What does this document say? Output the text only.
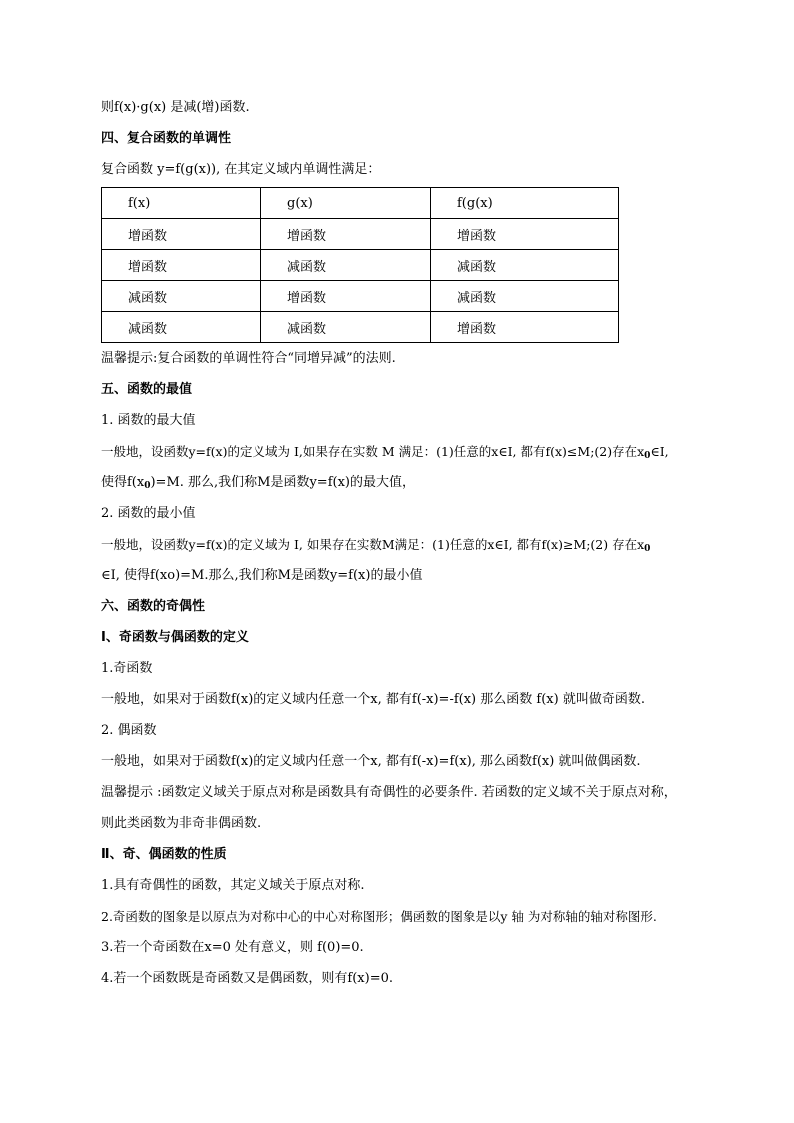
则f(x)·g(x) 是减(增)函数.
四、复合函数的单调性
复合函数 y=f(g(x)), 在其定义域内单调性满足：
f(x)	g(x)	f(g(x)
增函数	增函数	增函数
增函数	减函数	减函数
减函数	增函数	减函数
减函数	减函数	增函数
温馨提示:复合函数的单调性符合“同增异减”的法则.
五、函数的最值
1. 函数的最大值
一般地，设函数y=f(x)的定义域为 I,如果存在实数 M 满足：(1)任意的x∈I, 都有f(x)≤M;(2)存在$x_0\in I$,
使得$f(x_0)=M$. 那么,我们称M是函数y=f(x)的最大值，
2. 函数的最小值
一般地，设函数y=f(x)的定义域为 I, 如果存在实数M满足：(1)任意的x∈I, 都有f(x)≥M;(2) 存在$x_0$
∈I, 使得f(xo)=M.那么,我们称M是函数y=f(x)的最小值
六、函数的奇偶性
Ⅰ、奇函数与偶函数的定义
1.奇函数
一般地，如果对于函数f(x)的定义域内任意一个x, 都有f(-x)=-f(x) 那么函数 f(x) 就叫做奇函数.
2. 偶函数
一般地，如果对于函数f(x)的定义域内任意一个x, 都有f(-x)=f(x), 那么函数f(x) 就叫做偶函数.
温馨提示 :函数定义域关于原点对称是函数具有奇偶性的必要条件. 若函数的定义域不关于原点对称，
则此类函数为非奇非偶函数.
Ⅱ、奇、偶函数的性质
1.具有奇偶性的函数，其定义域关于原点对称.
2.奇函数的图象是以原点为对称中心的中心对称图形；偶函数的图象是以y 轴 为对称轴的轴对称图形.
3.若一个奇函数在x=0 处有意义，则 f(0)=0.
4.若一个函数既是奇函数又是偶函数，则有f(x)=0.
